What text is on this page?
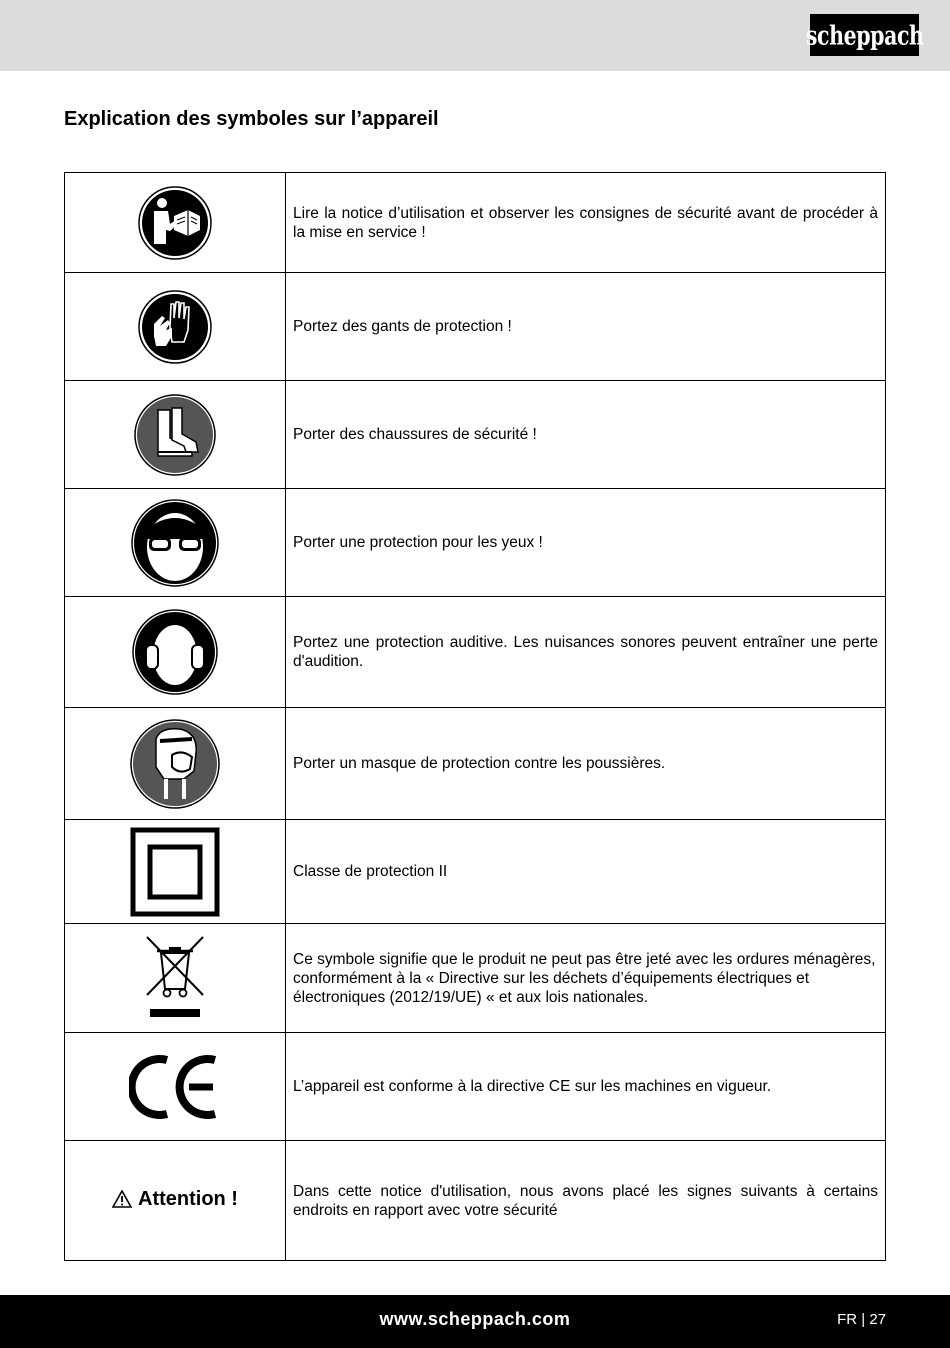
scheppach
Explication des symboles sur l’appareil
	Lire la notice d’utilisation et observer les consignes de sécurité avant de procéder à la mise en service !

	Portez des gants de protection !

	Porter des chaussures de sécurité !

	Porter une protection pour les yeux !

	Portez une protection auditive. Les nuisances sonores peuvent entraîner une perte d'audition.

	Porter un masque de protection contre les poussières.

	Classe de protection II

	Ce symbole signifie que le produit ne peut pas être jeté avec les ordures ménagères, conformément à la « Directive sur les déchets d’équipements électriques et électroniques (2012/19/UE) « et aux lois nationales.

	L’appareil est conforme à la directive CE sur les machines en vigueur.

Attention !	Dans cette notice d'utilisation, nous avons placé les signes suivants à certains endroits en rapport avec votre sécurité
www.scheppach.com	FR | 27
